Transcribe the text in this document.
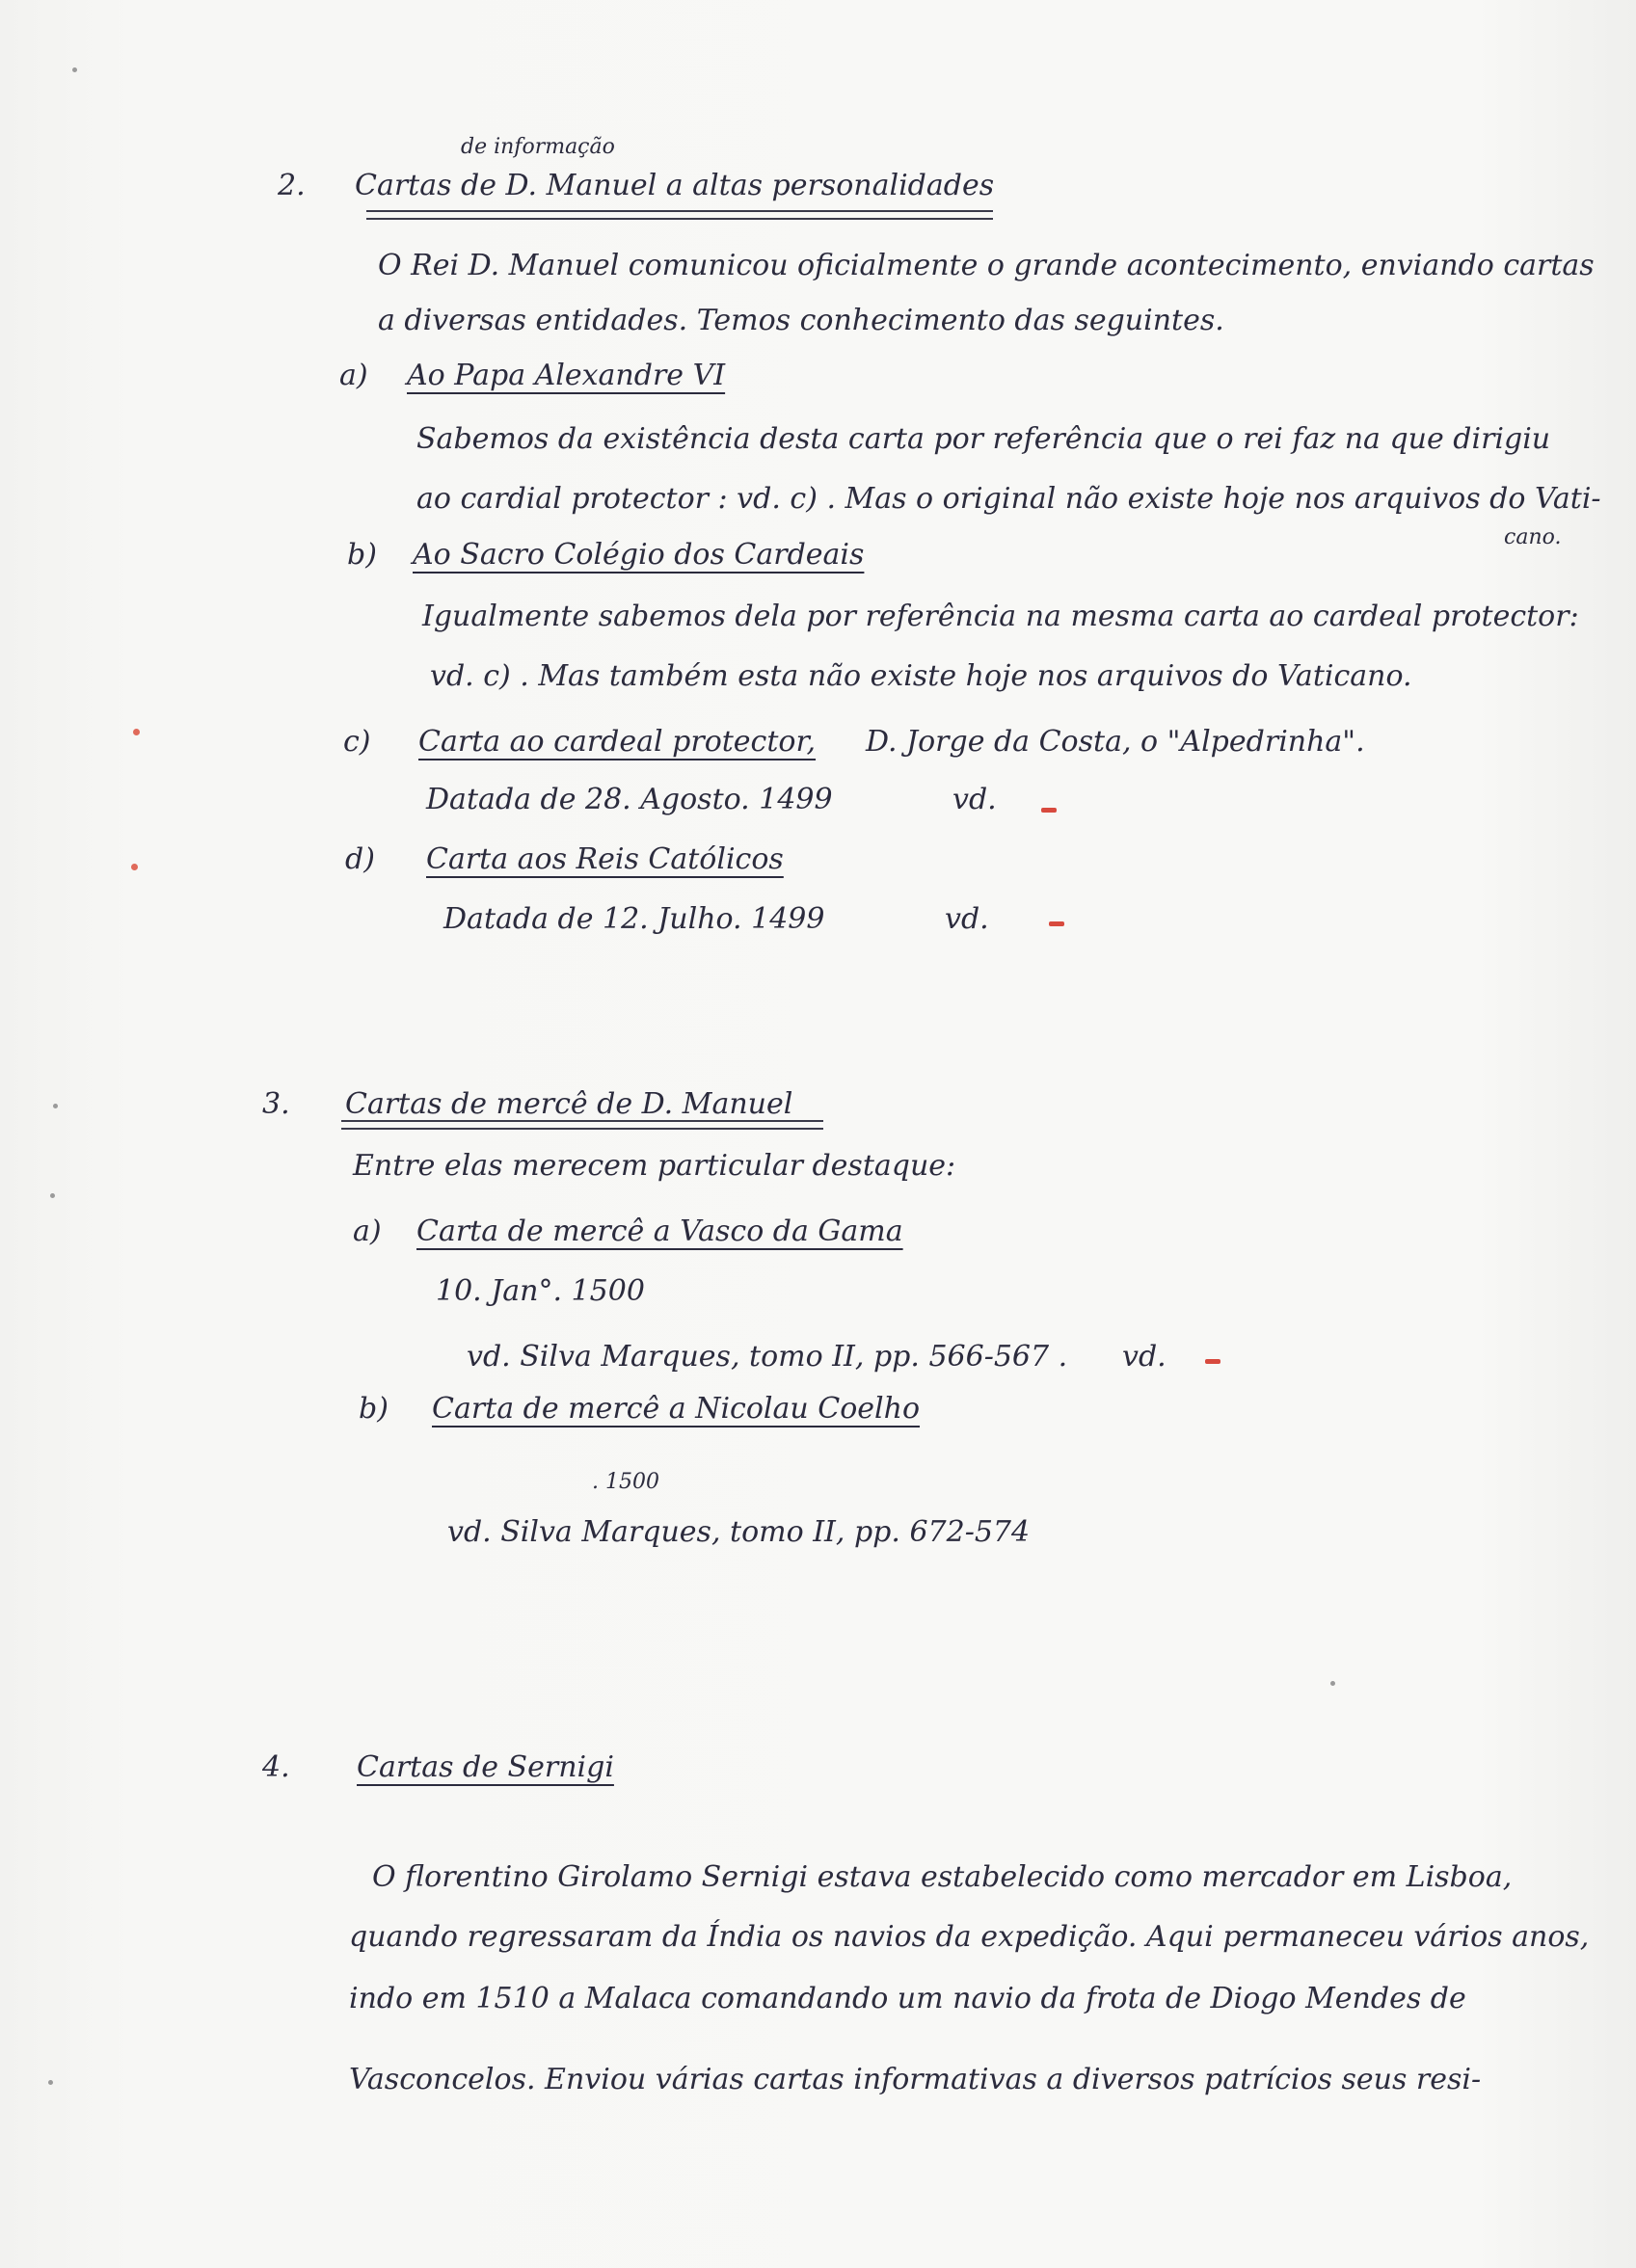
de informação
2. Cartas de D. Manuel a altas personalidades
O Rei D. Manuel comunicou oficialmente o grande acontecimento, enviando cartas
a diversas entidades. Temos conhecimento das seguintes.
a) Ao Papa Alexandre VI
Sabemos da existência desta carta por referência que o rei faz na que dirigiu
ao cardial protector : vd. c) . Mas o original não existe hoje nos arquivos do Vati-
cano.
b) Ao Sacro Colégio dos Cardeais
Igualmente sabemos dela por referência na mesma carta ao cardeal protector:
vd. c) . Mas também esta não existe hoje nos arquivos do Vaticano.
c) Carta ao cardeal protector, D. Jorge da Costa, o "Alpedrinha".
Datada de 28. Agosto. 1499	vd.
d) Carta aos Reis Católicos
Datada de 12. Julho. 1499	vd.
3. Cartas de mercê de D. Manuel
Entre elas merecem particular destaque:
a) Carta de mercê a Vasco da Gama
10. Jan°. 1500
vd. Silva Marques, tomo II, pp. 566-567 . vd.
b) Carta de mercê a Nicolau Coelho
. 1500
vd. Silva Marques, tomo II, pp. 672-574
4. Cartas de Sernigi
O florentino Girolamo Sernigi estava estabelecido como mercador em Lisboa,
quando regressaram da Índia os navios da expedição. Aqui permaneceu vários anos,
indo em 1510 a Malaca comandando um navio da frota de Diogo Mendes de
Vasconcelos. Enviou várias cartas informativas a diversos patrícios seus resi-
